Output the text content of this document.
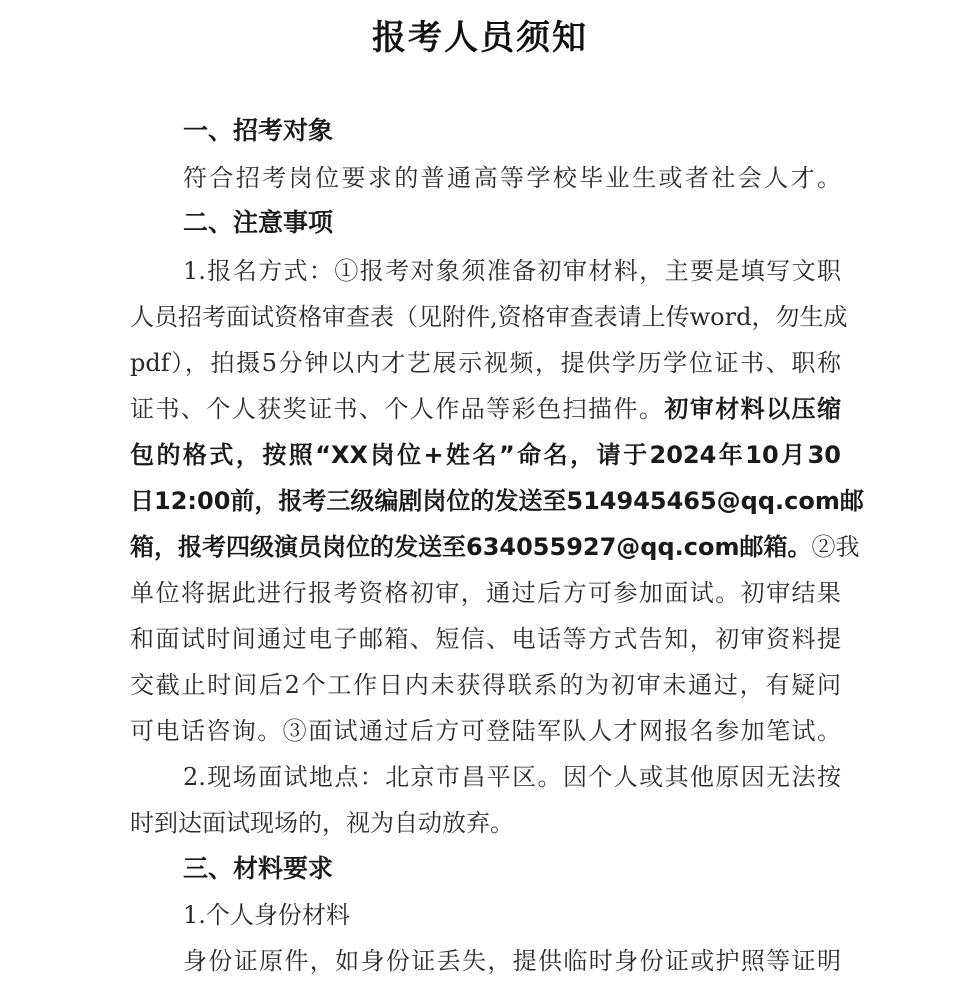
报考人员须知
一、招考对象
符合招考岗位要求的普通高等学校毕业生或者社会人才。
二、注意事项
1.报名方式：①报考对象须准备初审材料，主要是填写文职
人员招考面试资格审查表（见附件,资格审查表请上传word，勿生成
pdf），拍摄5分钟以内才艺展示视频，提供学历学位证书、职称
证书、个人获奖证书、个人作品等彩色扫描件。初审材料以压缩
包的格式，按照“XX岗位+姓名”命名，请于2024年10月30
日12:00前，报考三级编剧岗位的发送至514945465@qq.com邮
箱，报考四级演员岗位的发送至634055927@qq.com邮箱。②我
单位将据此进行报考资格初审，通过后方可参加面试。初审结果
和面试时间通过电子邮箱、短信、电话等方式告知，初审资料提
交截止时间后2个工作日内未获得联系的为初审未通过，有疑问
可电话咨询。③面试通过后方可登陆军队人才网报名参加笔试。
2.现场面试地点：北京市昌平区。因个人或其他原因无法按
时到达面试现场的，视为自动放弃。
三、材料要求
1.个人身份材料
身份证原件，如身份证丢失，提供临时身份证或护照等证明
